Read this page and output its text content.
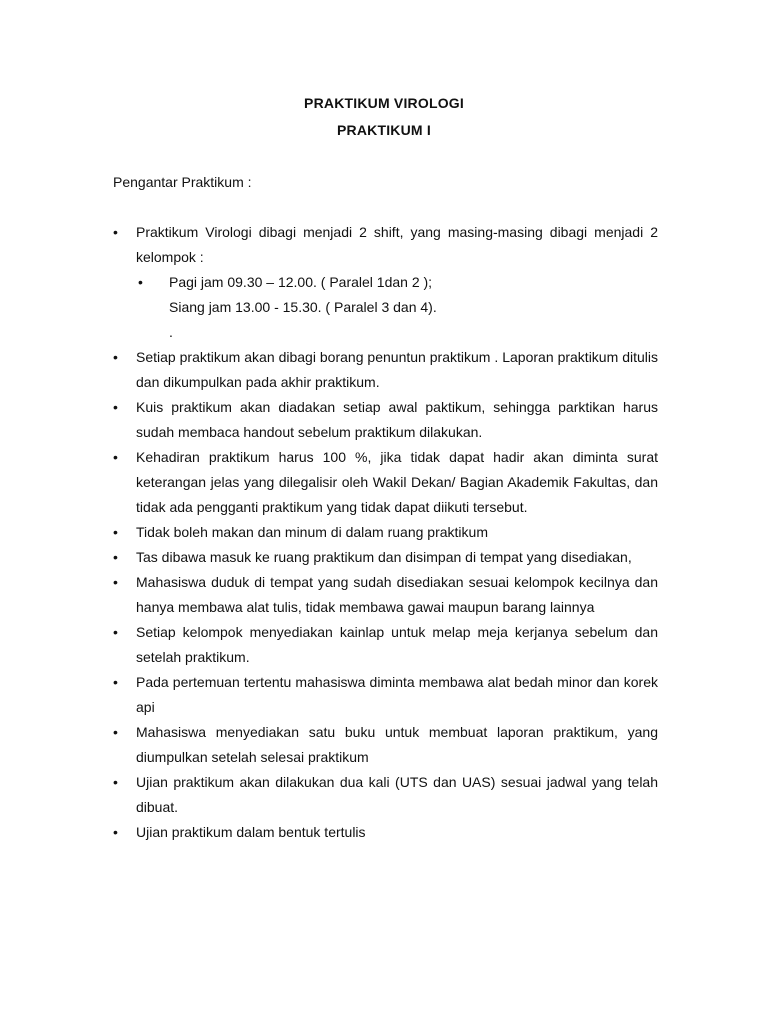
PRAKTIKUM VIROLOGI
PRAKTIKUM I
Pengantar Praktikum :
• Praktikum Virologi dibagi menjadi 2 shift, yang masing-masing dibagi menjadi 2 kelompok :
• Pagi jam 09.30 – 12.00. ( Paralel 1dan 2 );
Siang jam 13.00 - 15.30. ( Paralel 3 dan 4).
.
• Setiap praktikum akan dibagi borang penuntun praktikum . Laporan praktikum ditulis dan dikumpulkan pada akhir praktikum.
• Kuis praktikum akan diadakan setiap awal paktikum, sehingga parktikan harus sudah membaca handout sebelum praktikum dilakukan.
• Kehadiran praktikum harus 100 %, jika tidak dapat hadir akan diminta surat keterangan jelas yang dilegalisir oleh Wakil Dekan/ Bagian Akademik Fakultas, dan tidak ada pengganti praktikum yang tidak dapat diikuti tersebut.
• Tidak boleh makan dan minum di dalam ruang praktikum
• Tas dibawa masuk ke ruang praktikum dan disimpan di tempat yang disediakan,
• Mahasiswa duduk di tempat yang sudah disediakan sesuai kelompok kecilnya dan hanya membawa alat tulis, tidak membawa gawai maupun barang lainnya
• Setiap kelompok menyediakan kainlap untuk melap meja kerjanya sebelum dan setelah praktikum.
• Pada pertemuan tertentu mahasiswa diminta membawa alat bedah minor dan korek api
• Mahasiswa menyediakan satu buku untuk membuat laporan praktikum, yang diumpulkan setelah selesai praktikum
• Ujian praktikum akan dilakukan dua kali (UTS dan UAS) sesuai jadwal yang telah dibuat.
• Ujian praktikum dalam bentuk tertulis
